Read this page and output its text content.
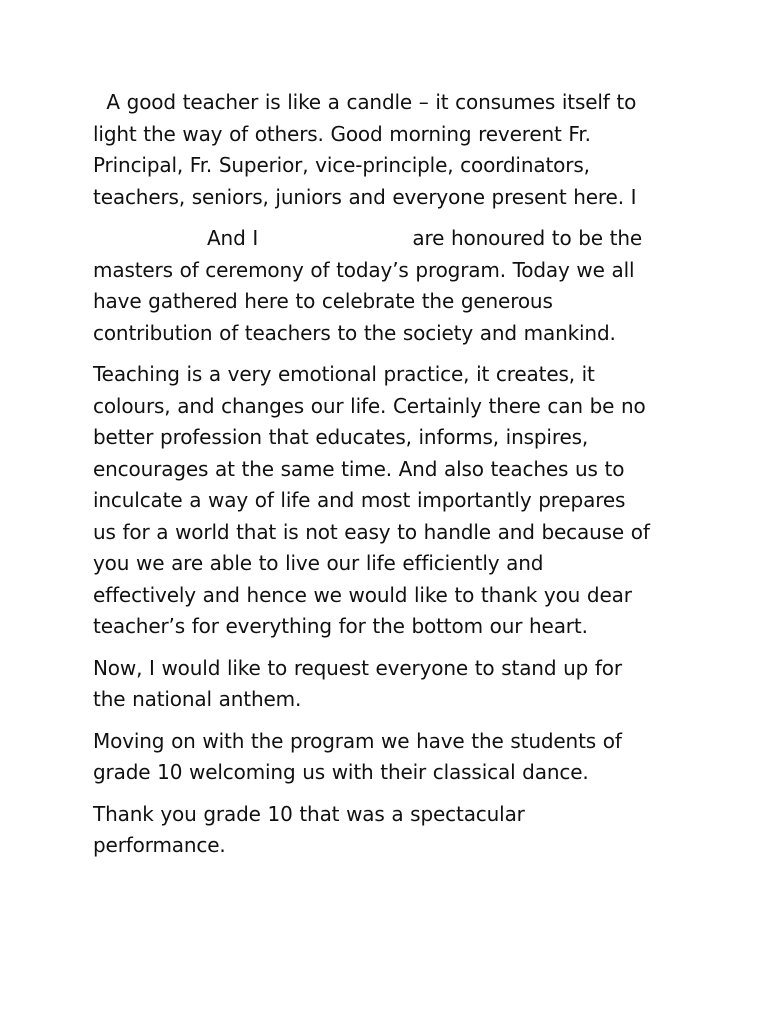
A good teacher is like a candle – it consumes itself to
light the way of others. Good morning reverent Fr.
Principal, Fr. Superior, vice-principle, coordinators,
teachers, seniors, juniors and everyone present here. I

And I                       are honoured to be the
masters of ceremony of today’s program. Today we all
have gathered here to celebrate the generous
contribution of teachers to the society and mankind.

Teaching is a very emotional practice, it creates, it
colours, and changes our life. Certainly there can be no
better profession that educates, informs, inspires,
encourages at the same time. And also teaches us to
inculcate a way of life and most importantly prepares
us for a world that is not easy to handle and because of
you we are able to live our life efficiently and
effectively and hence we would like to thank you dear
teacher’s for everything for the bottom our heart.

Now, I would like to request everyone to stand up for
the national anthem.

Moving on with the program we have the students of
grade 10 welcoming us with their classical dance.

Thank you grade 10 that was a spectacular
performance.
